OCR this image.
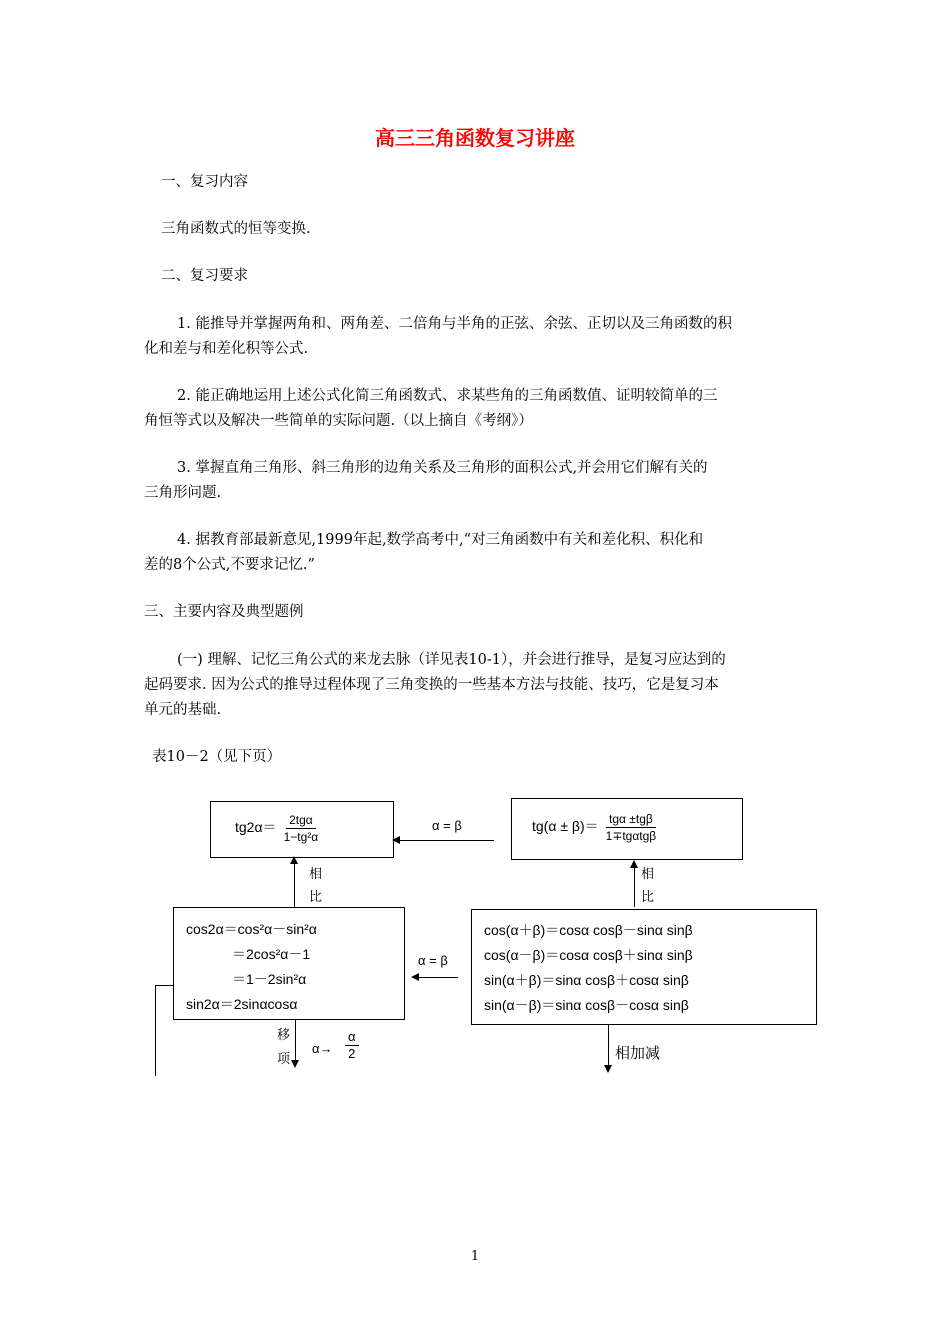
高三三角函数复习讲座
一、复习内容
三角函数式的恒等变换.
二、复习要求
1. 能推导并掌握两角和、两角差、二倍角与半角的正弦、余弦、正切以及三角函数的积
化和差与和差化积等公式.
2. 能正确地运用上述公式化简三角函数式、求某些角的三角函数值、证明较简单的三
角恒等式以及解决一些简单的实际问题.（以上摘自《考纲》）
3. 掌握直角三角形、斜三角形的边角关系及三角形的面积公式,并会用它们解有关的
三角形问题.
4. 据教育部最新意见,1999年起,数学高考中,“对三角函数中有关和差化积、积化和
差的8个公式,不要求记忆.”
三、主要内容及典型题例
(一) 理解、记忆三角公式的来龙去脉（详见表10-1），并会进行推导，是复习应达到的
起码要求. 因为公式的推导过程体现了三角变换的一些基本方法与技能、技巧，它是复习本
单元的基础.
表10－2（见下页）
$tg2\alpha= \frac{\text{2tgα}}{\text{1−tg²α}}$	$tg(\alpha \pm \beta)= \frac{\text{tgα ±tgβ}}{\text{1∓tgαtgβ}}$
α = β
相
比
相
比
cos2α＝cos²α－sin²α
＝2cos²α－1
＝1－2sin²α
sin2α＝2sinαcosα
cos(α＋β)＝cosα cosβ－sinα sinβ
cos(α－β)＝cosα cosβ＋sinα sinβ
sin(α＋β)＝sinα cosβ＋cosα sinβ
sin(α－β)＝sinα cosβ－cosα sinβ
α = β
移
项
$\alpha\to \frac{\alpha}{2}$	相加减
1
